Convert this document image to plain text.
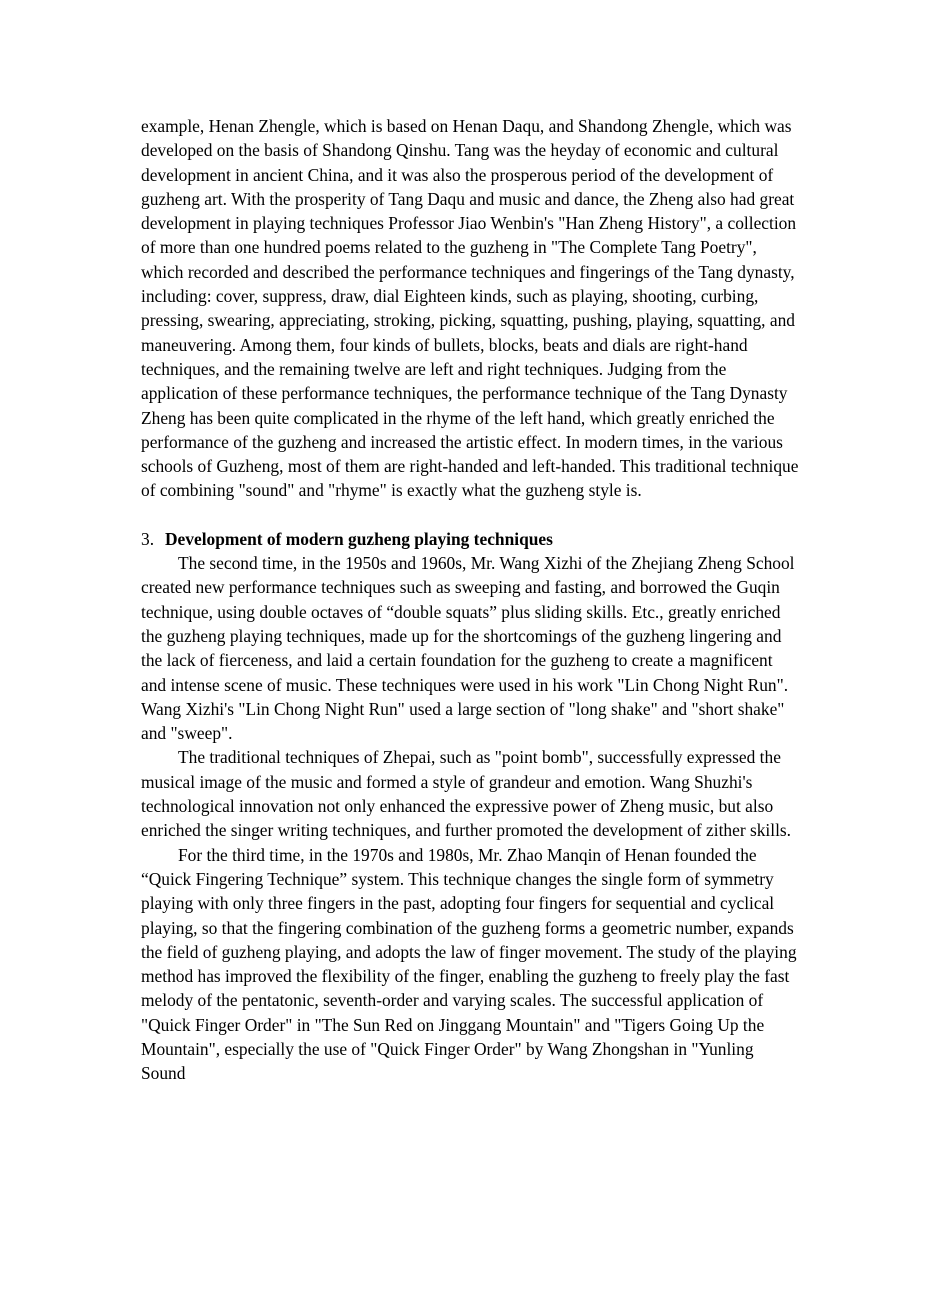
example, Henan Zhengle, which is based on Henan Daqu, and Shandong Zhengle, which was developed on the basis of Shandong Qinshu. Tang was the heyday of economic and cultural development in ancient China, and it was also the prosperous period of the development of guzheng art. With the prosperity of Tang Daqu and music and dance, the Zheng also had great development in playing techniques Professor Jiao Wenbin's "Han Zheng History", a collection of more than one hundred poems related to the guzheng in "The Complete Tang Poetry", which recorded and described the performance techniques and fingerings of the Tang dynasty, including: cover, suppress, draw, dial Eighteen kinds, such as playing, shooting, curbing, pressing, swearing, appreciating, stroking, picking, squatting, pushing, playing, squatting, and maneuvering. Among them, four kinds of bullets, blocks, beats and dials are right-hand techniques, and the remaining twelve are left and right techniques. Judging from the application of these performance techniques, the performance technique of the Tang Dynasty Zheng has been quite complicated in the rhyme of the left hand, which greatly enriched the performance of the guzheng and increased the artistic effect. In modern times, in the various schools of Guzheng, most of them are right-handed and left-handed. This traditional technique of combining "sound" and "rhyme" is exactly what the guzheng style is.

3. Development of modern guzheng playing techniques

The second time, in the 1950s and 1960s, Mr. Wang Xizhi of the Zhejiang Zheng School created new performance techniques such as sweeping and fasting, and borrowed the Guqin technique, using double octaves of “double squats” plus sliding skills. Etc., greatly enriched the guzheng playing techniques, made up for the shortcomings of the guzheng lingering and the lack of fierceness, and laid a certain foundation for the guzheng to create a magnificent and intense scene of music. These techniques were used in his work "Lin Chong Night Run". Wang Xizhi's "Lin Chong Night Run" used a large section of "long shake" and "short shake" and "sweep".

The traditional techniques of Zhepai, such as "point bomb", successfully expressed the musical image of the music and formed a style of grandeur and emotion. Wang Shuzhi's technological innovation not only enhanced the expressive power of Zheng music, but also enriched the singer writing techniques, and further promoted the development of zither skills.

For the third time, in the 1970s and 1980s, Mr. Zhao Manqin of Henan founded the “Quick Fingering Technique” system. This technique changes the single form of symmetry playing with only three fingers in the past, adopting four fingers for sequential and cyclical playing, so that the fingering combination of the guzheng forms a geometric number, expands the field of guzheng playing, and adopts the law of finger movement. The study of the playing method has improved the flexibility of the finger, enabling the guzheng to freely play the fast melody of the pentatonic, seventh-order and varying scales. The successful application of "Quick Finger Order" in "The Sun Red on Jinggang Mountain" and "Tigers Going Up the Mountain", especially the use of "Quick Finger Order" by Wang Zhongshan in "Yunling Sound
